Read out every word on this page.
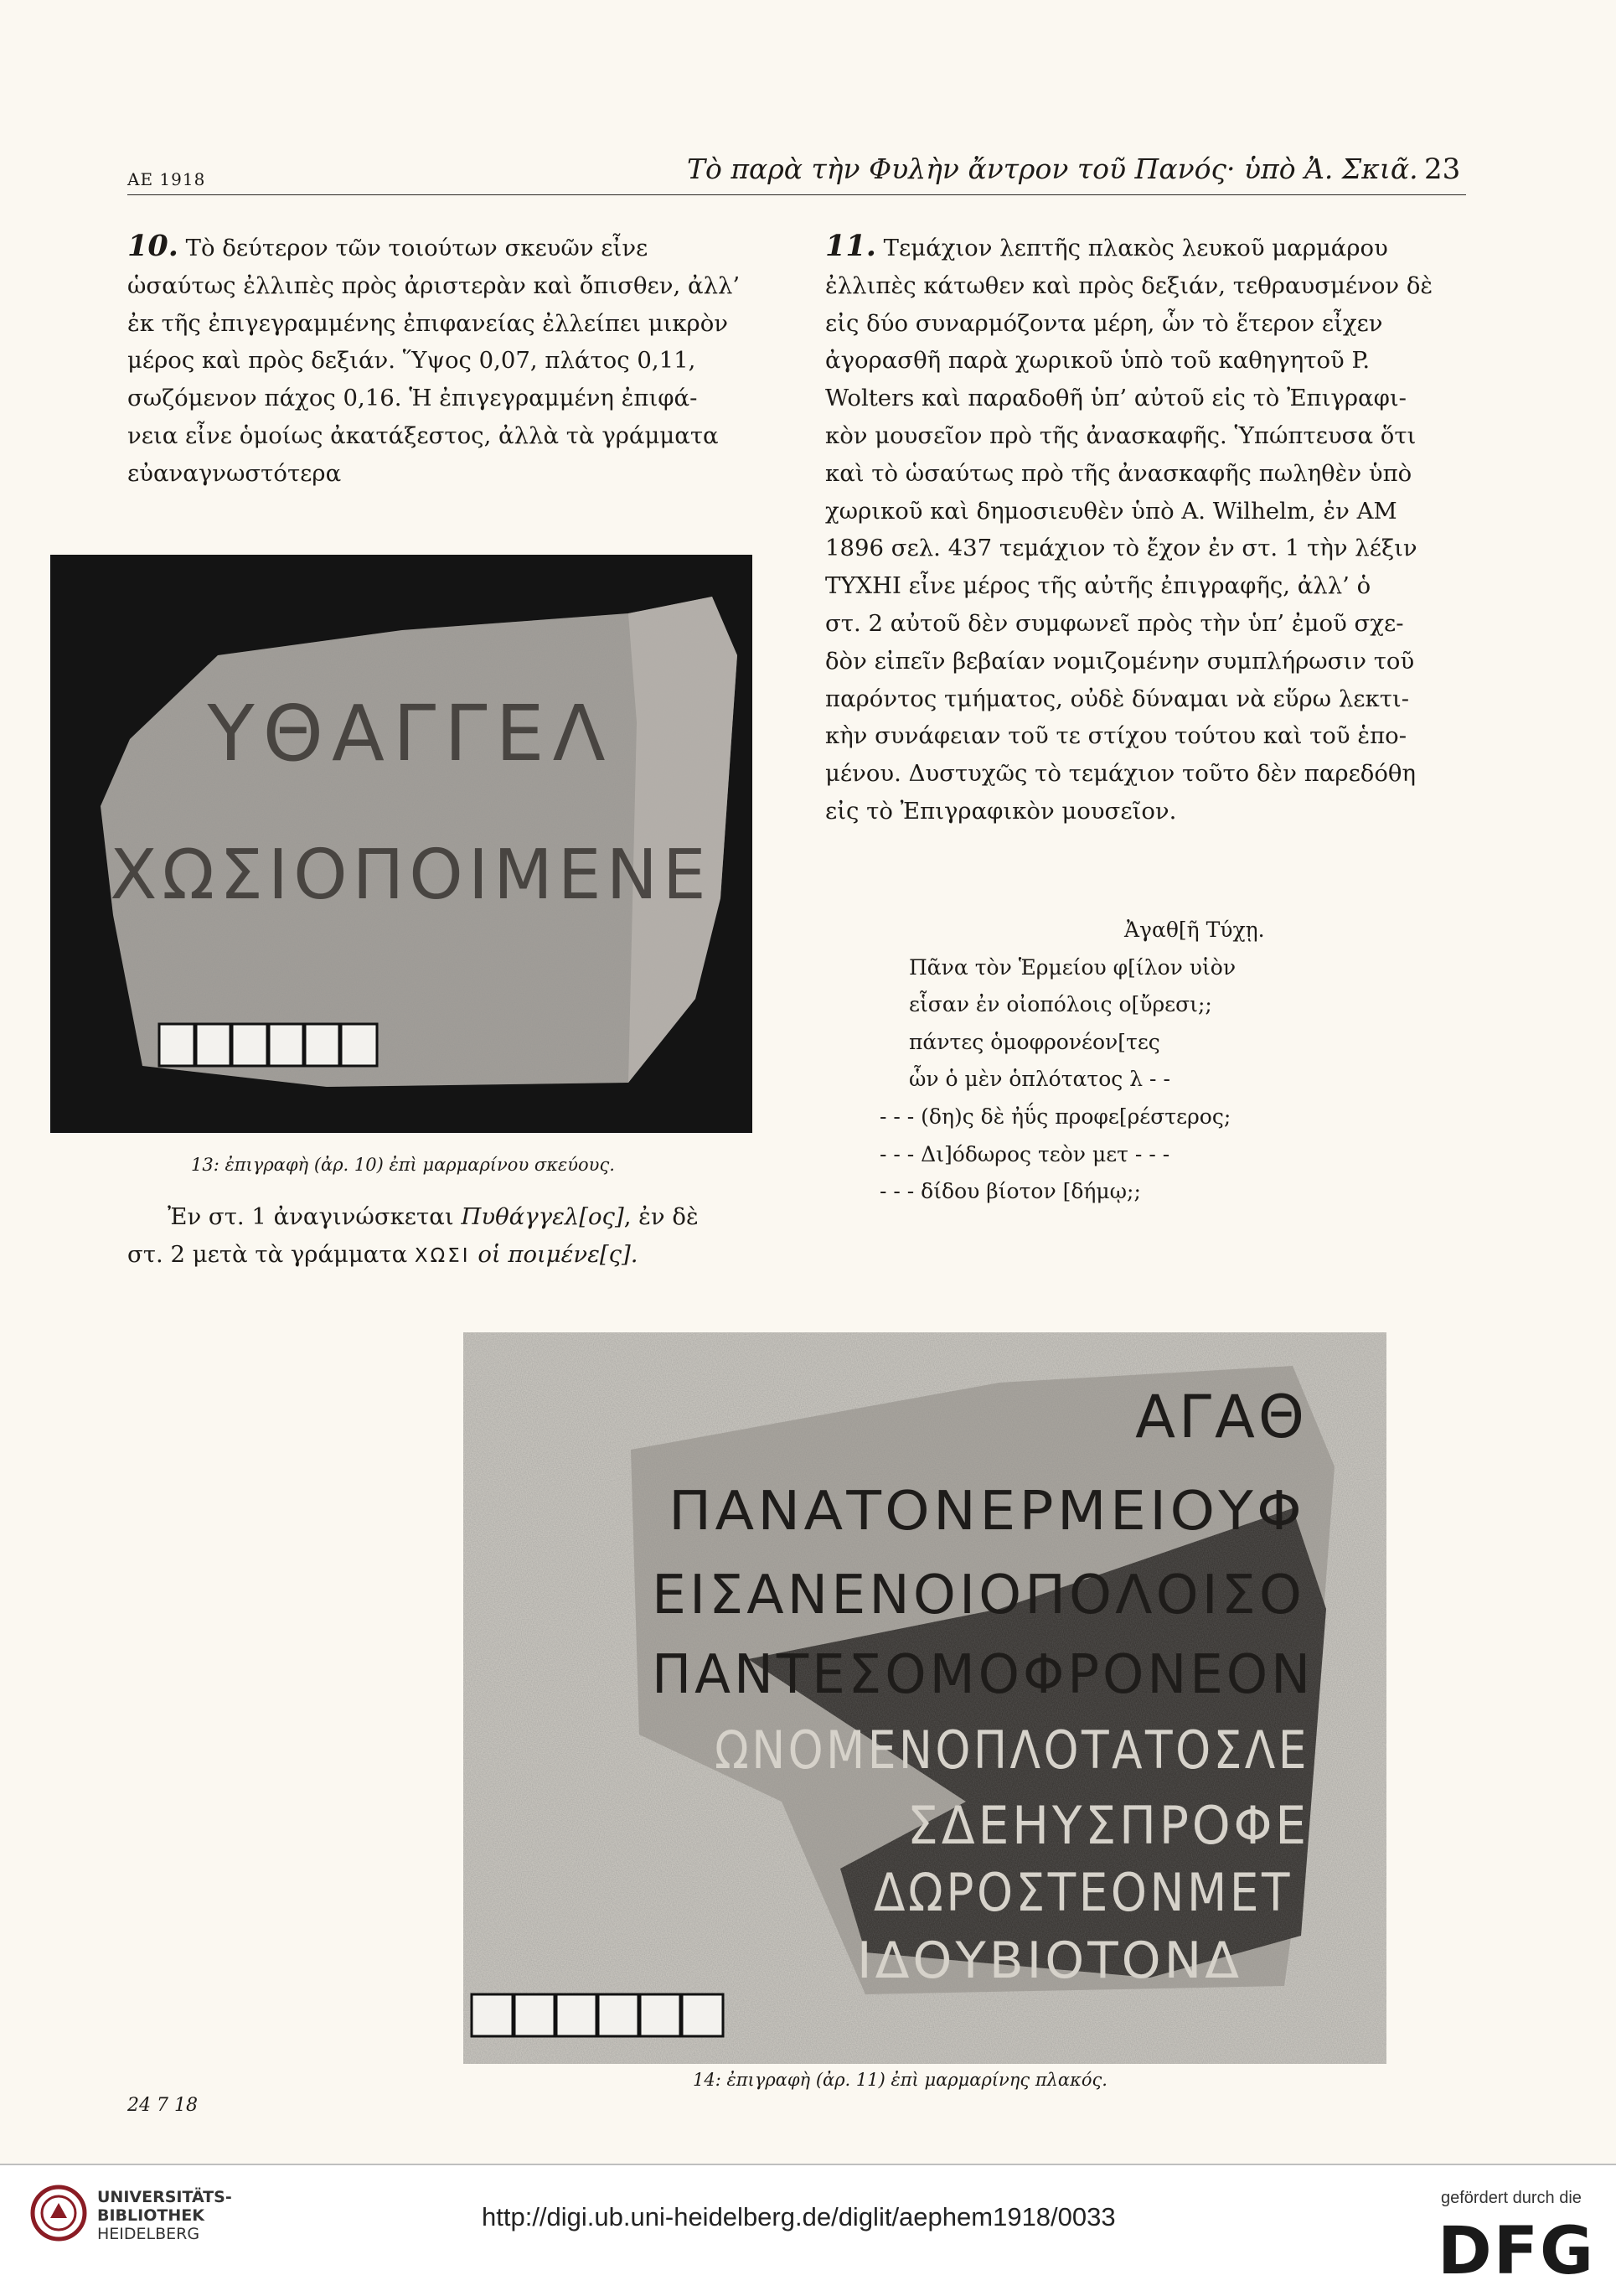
ΑΕ 1918	Τὸ παρὰ τὴν Φυλὴν ἄντρον τοῦ Πανός· ὑπὸ Ἀ. Σκιᾶ. 23

10. Τὸ δεύτερον τῶν τοιούτων σκευῶν εἶνε

ὡσαύτως ἐλλιπὲς πρὸς ἀριστερὰν καὶ ὄπισθεν, ἀλλ’

ἐκ τῆς ἐπιγεγραμμένης ἐπιφανείας ἐλλείπει μικρὸν

μέρος καὶ πρὸς δεξιάν. Ὕψος 0,07, πλάτος 0,11,

σωζόμενον πάχος 0,16. Ἡ ἐπιγεγραμμένη ἐπιφά-

νεια εἶνε ὁμοίως ἀκατάξεστος, ἀλλὰ τὰ γράμματα

εὐαναγνωστότερα

ΥΘΑΓΓΕΛ
ΧΩΣΙΟΠΟΙΜΕΝΕ
13: ἐπιγραφὴ (ἀρ. 10) ἐπὶ μαρμαρίνου σκεύους.

Ἐν στ. 1 ἀναγινώσκεται Πυθάγγελ[ος], ἐν δὲ

στ. 2 μετὰ τὰ γράμματα ΧΩΣΙ οἱ ποιμένε[ς].

11. Τεμάχιον λεπτῆς πλακὸς λευκοῦ μαρμάρου

ἐλλιπὲς κάτωθεν καὶ πρὸς δεξιάν, τεθραυσμένον δὲ

εἰς δύο συναρμόζοντα μέρη, ὧν τὸ ἕτερον εἶχεν

ἀγορασθῆ παρὰ χωρικοῦ ὑπὸ τοῦ καθηγητοῦ P.

Wolters καὶ παραδοθῆ ὑπ’ αὐτοῦ εἰς τὸ Ἐπιγραφι-

κὸν μουσεῖον πρὸ τῆς ἀνασκαφῆς. Ὑπώπτευσα ὅτι

καὶ τὸ ὡσαύτως πρὸ τῆς ἀνασκαφῆς πωληθὲν ὑπὸ

χωρικοῦ καὶ δημοσιευθὲν ὑπὸ A. Wilhelm, ἐν AM

1896 σελ. 437 τεμάχιον τὸ ἔχον ἐν στ. 1 τὴν λέξιν

ΤΥΧΗΙ εἶνε μέρος τῆς αὐτῆς ἐπιγραφῆς, ἀλλ’ ὁ

στ. 2 αὐτοῦ δὲν συμφωνεῖ πρὸς τὴν ὑπ’ ἐμοῦ σχε-

δὸν εἰπεῖν βεβαίαν νομιζομένην συμπλήρωσιν τοῦ

παρόντος τμήματος, οὐδὲ δύναμαι νὰ εὕρω λεκτι-

κὴν συνάφειαν τοῦ τε στίχου τούτου καὶ τοῦ ἑπο-

μένου. Δυστυχῶς τὸ τεμάχιον τοῦτο δὲν παρεδόθη

εἰς τὸ Ἐπιγραφικὸν μουσεῖον.

Ἀγαθ[ῆ Τύχῃ.
Πᾶνα τὸν Ἑρμείου φ[ίλον υἱὸν
εἷσαν ἐν οἰοπόλοις ο[ὔρεσι;;
πάντες ὁμοφρονέον[τες
ὧν ὁ μὲν ὁπλότατος λ - -
- - - (δη)ς δὲ ἠΰς προφε[ρέστερος;
- - - Δι]όδωρος τεὸν μετ - - -
- - - δίδου βίοτον [δήμῳ;;
ΑΓΑΘ
ΠΑΝΑΤΟΝΕΡΜΕΙΟΥΦ
ΕΙΣΑΝΕΝΟΙΟΠΟΛΟΙΣΟ
ΠΑΝΤΕΣΟΜΟΦΡΟΝΕΟΝ
ΩΝΟΜΕΝΟΠΛΟΤΑΤΟΣΛΕ
ΣΔΕΗΥΣΠΡΟΦΕ
ΔΩΡΟΣΤΕΟΝΜΕΤ
ΙΔΟΥΒΙΟΤΟΝΔ
14: ἐπιγραφὴ (ἀρ. 11) ἐπὶ μαρμαρίνης πλακός.
24 7 18
UNIVERSITÄTS-
BIBLIOTHEK
HEIDELBERG
http://digi.ub.uni-heidelberg.de/diglit/aephem1918/0033
gefördert durch die
DFG
